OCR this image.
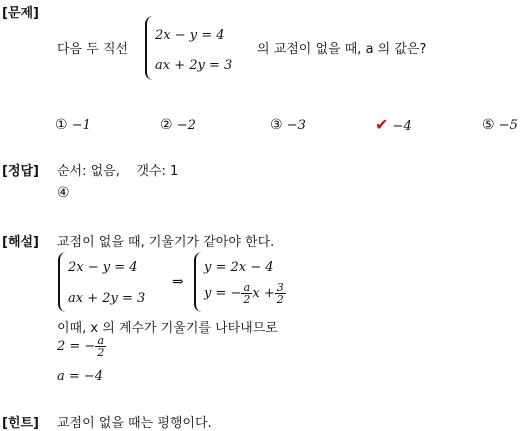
[문제]
다음 두 직선
2x − y = 4
ax + 2y = 3
의 교점이 없을 때, a 의 값은?
① −1	② −2	③ −3	✔ −4	⑤ −5
[정답] 순서: 없음,    갯수: 1
④
[해설] 교점이 없을 때, 기울기가 같아야 한다.
2x − y = 4
ax + 2y = 3
⇒
y = 2x − 4
y = − $\frac{a}{2}$ $x + \frac{3}{2}$
이때, x 의 계수가 기울기를 나타내므로
2 = − $\frac{a}{2}$
a = −4
[힌트] 교점이 없을 때는 평행이다.
